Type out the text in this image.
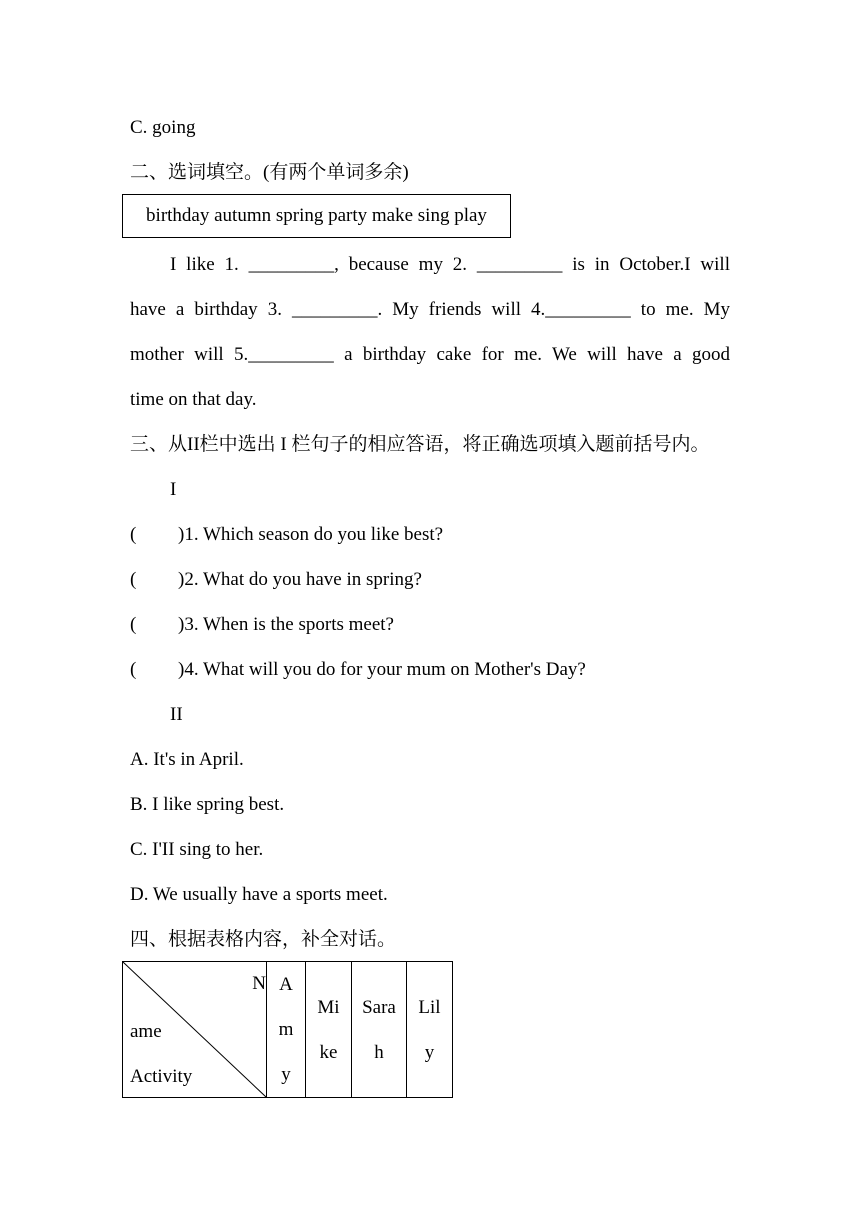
C. going
二、选词填空。(有两个单词多余)
birthday autumn spring party make sing play
I like 1. _________, because my 2. _________ is in October.I will
have a birthday 3. _________. My friends will 4._________ to me. My
mother will 5._________ a birthday cake for me. We will have a good
time on that day.
三、从II栏中选出 I 栏句子的相应答语，将正确选项填入题前括号内。
I
( )1. Which season do you like best?
( )2. What do you have in spring?
( )3. When is the sports meet?
( )4. What will you do for your mum on Mother's Day?
II
A. It's in April.
B. I like spring best.
C. I'II sing to her.
D. We usually have a sports meet.
四、根据表格内容，补全对话。
N
ame
Activity

A
m
y

Mi
ke

Sara
h

Lil
y
